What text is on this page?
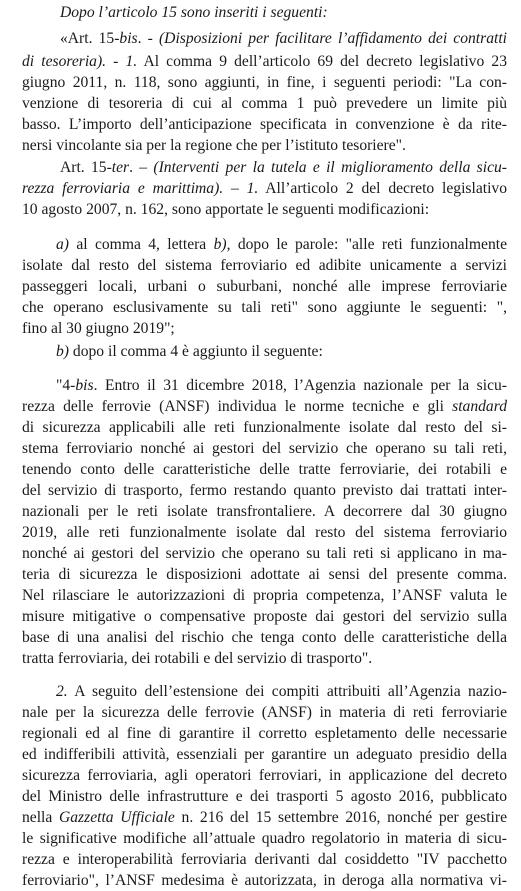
Dopo l’articolo 15 sono inseriti i seguenti:
«Art. 15-bis. - (Disposizioni per facilitare l’affidamento dei contratti
di tesoreria). - 1. Al comma 9 dell’articolo 69 del decreto legislativo 23
giugno 2011, n. 118, sono aggiunti, in fine, i seguenti periodi: "La con-
venzione di tesoreria di cui al comma 1 può prevedere un limite più
basso. L’importo dell’anticipazione specificata in convenzione è da rite-
nersi vincolante sia per la regione che per l’istituto tesoriere".
Art. 15-ter. – (Interventi per la tutela e il miglioramento della sicu-
rezza ferroviaria e marittima). – 1. All’articolo 2 del decreto legislativo
10 agosto 2007, n. 162, sono apportate le seguenti modificazioni:
a) al comma 4, lettera b), dopo le parole: "alle reti funzionalmente
isolate dal resto del sistema ferroviario ed adibite unicamente a servizi
passeggeri locali, urbani o suburbani, nonché alle imprese ferroviarie
che operano esclusivamente su tali reti" sono aggiunte le seguenti: ",
fino al 30 giugno 2019";
b) dopo il comma 4 è aggiunto il seguente:
"4-bis. Entro il 31 dicembre 2018, l’Agenzia nazionale per la sicu-
rezza delle ferrovie (ANSF) individua le norme tecniche e gli standard
di sicurezza applicabili alle reti funzionalmente isolate dal resto del si-
stema ferroviario nonché ai gestori del servizio che operano su tali reti,
tenendo conto delle caratteristiche delle tratte ferroviarie, dei rotabili e
del servizio di trasporto, fermo restando quanto previsto dai trattati inter-
nazionali per le reti isolate transfrontaliere. A decorrere dal 30 giugno
2019, alle reti funzionalmente isolate dal resto del sistema ferroviario
nonché ai gestori del servizio che operano su tali reti si applicano in ma-
teria di sicurezza le disposizioni adottate ai sensi del presente comma.
Nel rilasciare le autorizzazioni di propria competenza, l’ANSF valuta le
misure mitigative o compensative proposte dai gestori del servizio sulla
base di una analisi del rischio che tenga conto delle caratteristiche della
tratta ferroviaria, dei rotabili e del servizio di trasporto".
2. A seguito dell’estensione dei compiti attribuiti all’Agenzia nazio-
nale per la sicurezza delle ferrovie (ANSF) in materia di reti ferroviarie
regionali ed al fine di garantire il corretto espletamento delle necessarie
ed indifferibili attività, essenziali per garantire un adeguato presidio della
sicurezza ferroviaria, agli operatori ferroviari, in applicazione del decreto
del Ministro delle infrastrutture e dei trasporti 5 agosto 2016, pubblicato
nella Gazzetta Ufficiale n. 216 del 15 settembre 2016, nonché per gestire
le significative modifiche all’attuale quadro regolatorio in materia di sicu-
rezza e interoperabilità ferroviaria derivanti dal cosiddetto "IV pacchetto
ferroviario", l’ANSF medesima è autorizzata, in deroga alla normativa vi-
